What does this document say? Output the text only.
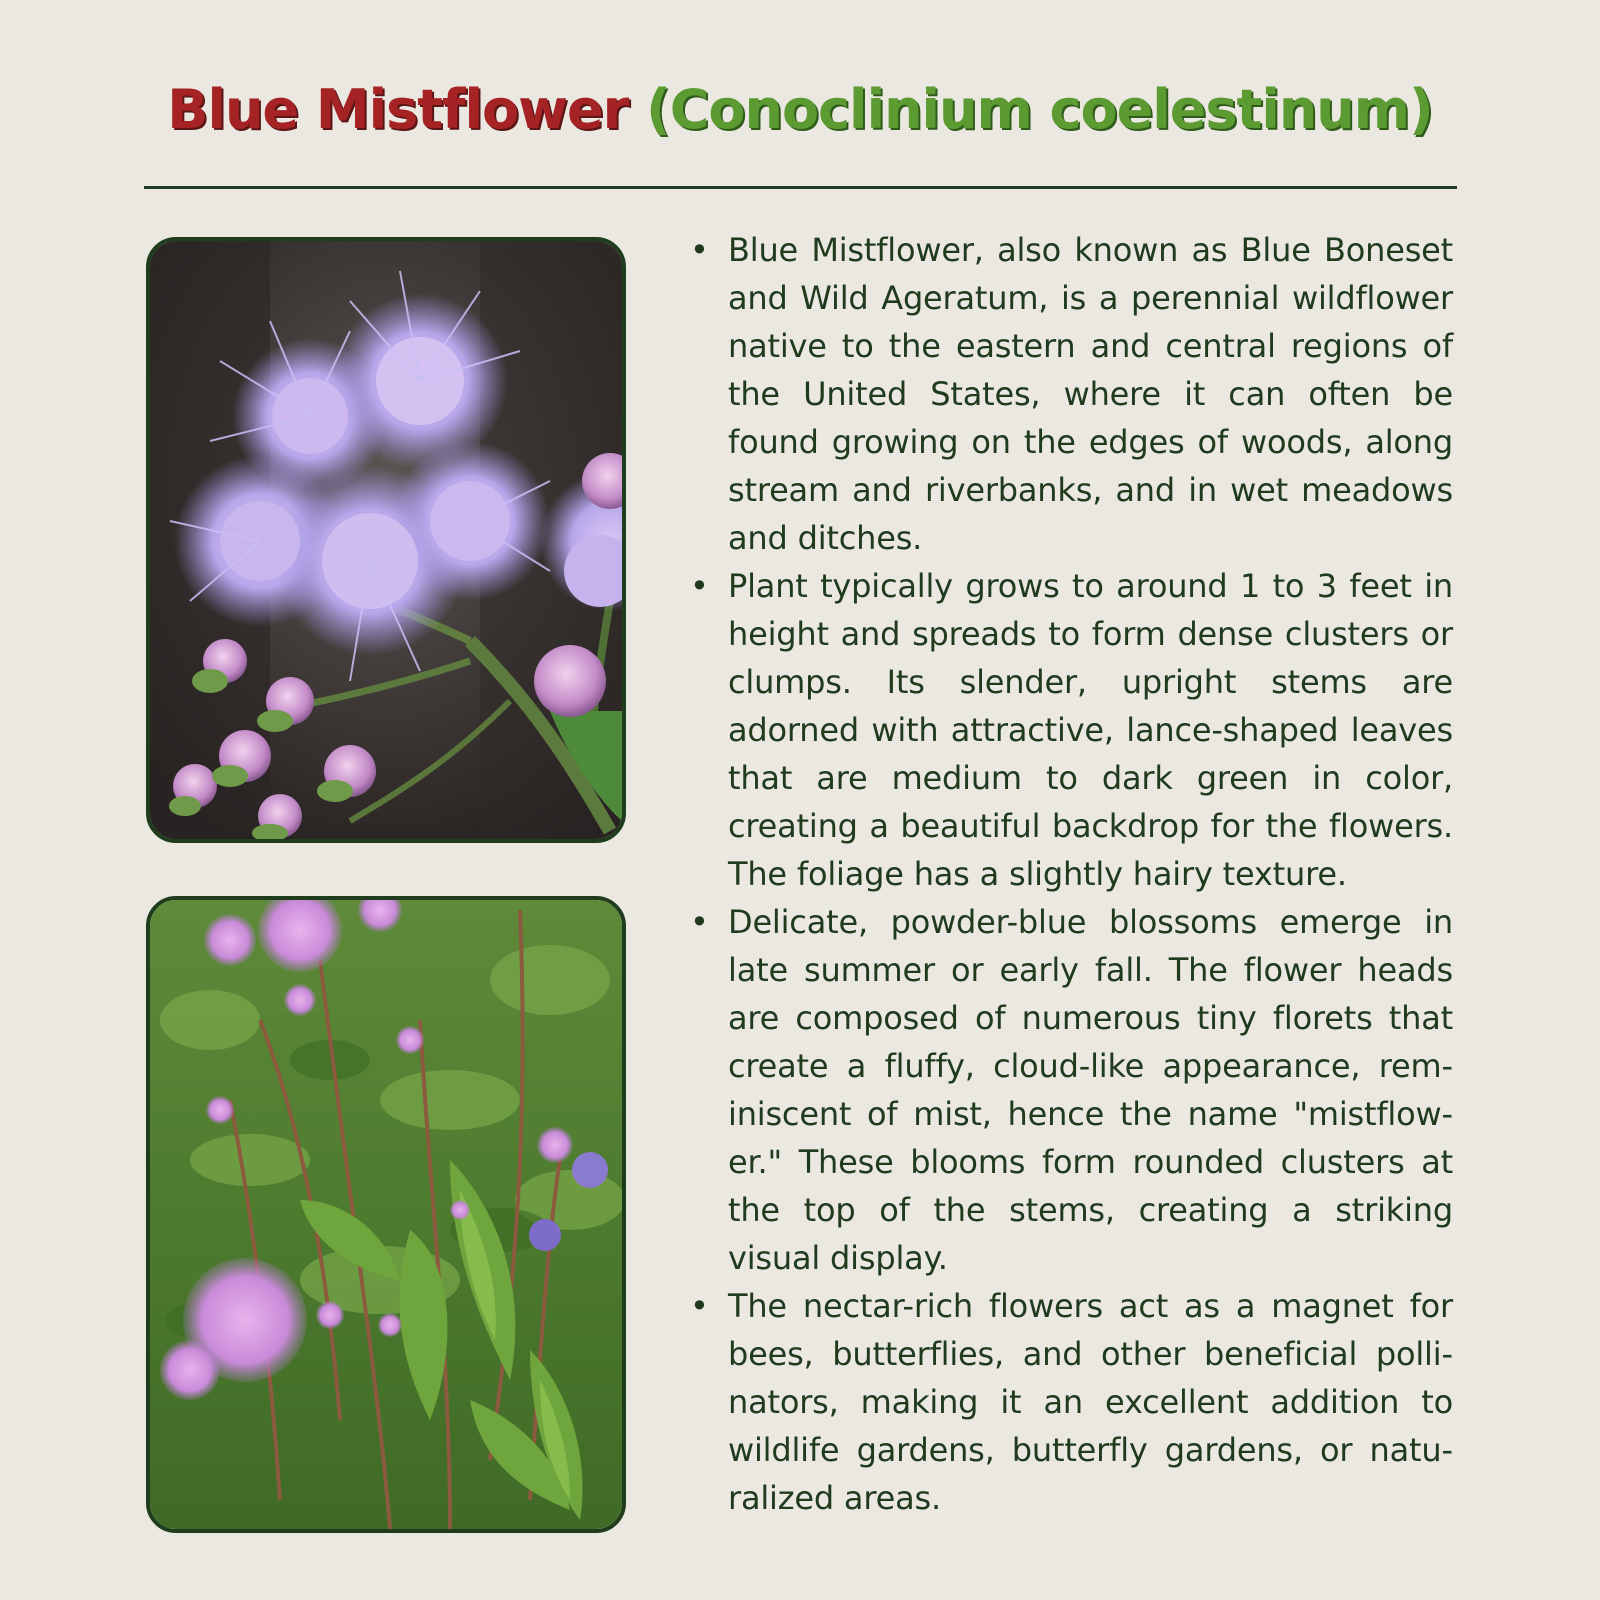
Blue Mistflower (Conoclinium coelestinum)
• Blue Mistflower, also known as Blue Boneset and Wild Ageratum, is a perennial wildflower native to the eastern and central regions of the United States, where it can often be found growing on the edges of woods, along stream and riverbanks, and in wet meadows and ditches.
• Plant typically grows to around 1 to 3 feet in height and spreads to form dense clusters or clumps. Its slender, upright stems are adorned with attractive, lance-shaped leaves that are medium to dark green in color, creating a beautiful backdrop for the flowers. The foliage has a slightly hairy texture.
• Delicate, powder-blue blossoms emerge in late summer or early fall. The flower heads are composed of numerous tiny florets that create a fluffy, cloud-like appearance, reminiscent of mist, hence the name "mistflower." These blooms form rounded clusters at the top of the stems, creating a striking visual display.
• The nectar-rich flowers act as a magnet for bees, butterflies, and other beneficial pollinators, making it an excellent addition to wildlife gardens, butterfly gardens, or naturalized areas.
